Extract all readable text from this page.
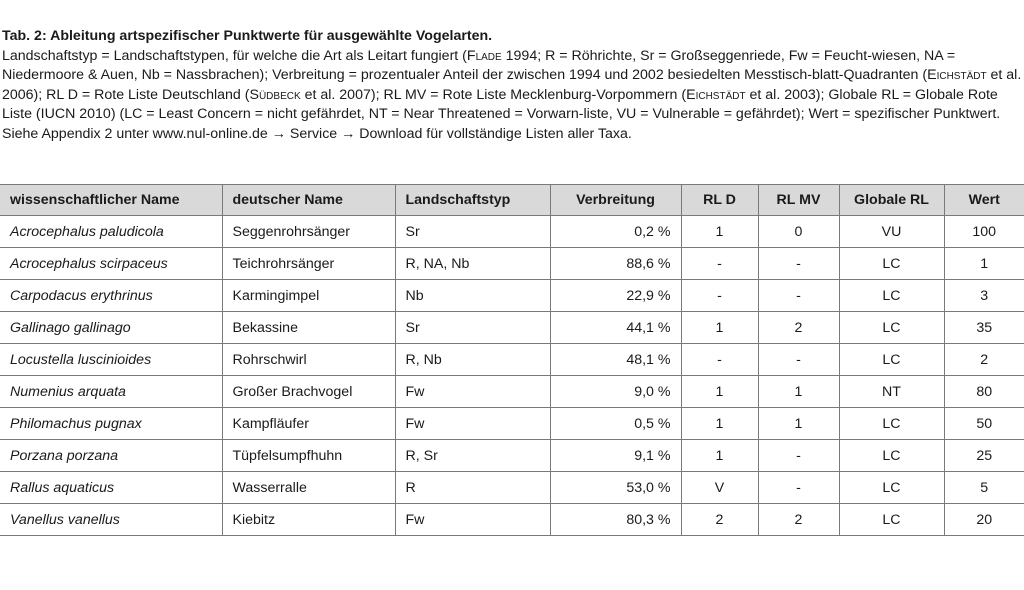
Tab. 2: Ableitung artspezifischer Punktwerte für ausgewählte Vogelarten.
Landschaftstyp = Landschaftstypen, für welche die Art als Leitart fungiert (Flade 1994; R = Röhrichte, Sr = Großseggenriede, Fw = Feucht-wiesen, NA = Niedermoore & Auen, Nb = Nassbrachen); Verbreitung = prozentualer Anteil der zwischen 1994 und 2002 besiedelten Messtisch-blatt-Quadranten (Eichstädt et al. 2006); RL D = Rote Liste Deutschland (Südbeck et al. 2007); RL MV = Rote Liste Mecklenburg-Vorpommern (Eichstädt et al. 2003); Globale RL = Globale Rote Liste (IUCN 2010) (LC = Least Concern = nicht gefährdet, NT = Near Threatened = Vorwarn-liste, VU = Vulnerable = gefährdet); Wert = spezifischer Punktwert. Siehe Appendix 2 unter www.nul-online.de → Service → Download für vollständige Listen aller Taxa.
wissenschaftlicher Name	deutscher Name	Landschaftstyp	Verbreitung	RL D	RL MV	Globale RL	Wert
Acrocephalus paludicola	Seggenrohrsänger	Sr	0,2 %	1	0	VU	100
Acrocephalus scirpaceus	Teichrohrsänger	R, NA, Nb	88,6 %	-	-	LC	1
Carpodacus erythrinus	Karmingimpel	Nb	22,9 %	-	-	LC	3
Gallinago gallinago	Bekassine	Sr	44,1 %	1	2	LC	35
Locustella luscinioides	Rohrschwirl	R, Nb	48,1 %	-	-	LC	2
Numenius arquata	Großer Brachvogel	Fw	9,0 %	1	1	NT	80
Philomachus pugnax	Kampfläufer	Fw	0,5 %	1	1	LC	50
Porzana porzana	Tüpfelsumpfhuhn	R, Sr	9,1 %	1	-	LC	25
Rallus aquaticus	Wasserralle	R	53,0 %	V	-	LC	5
Vanellus vanellus	Kiebitz	Fw	80,3 %	2	2	LC	20
